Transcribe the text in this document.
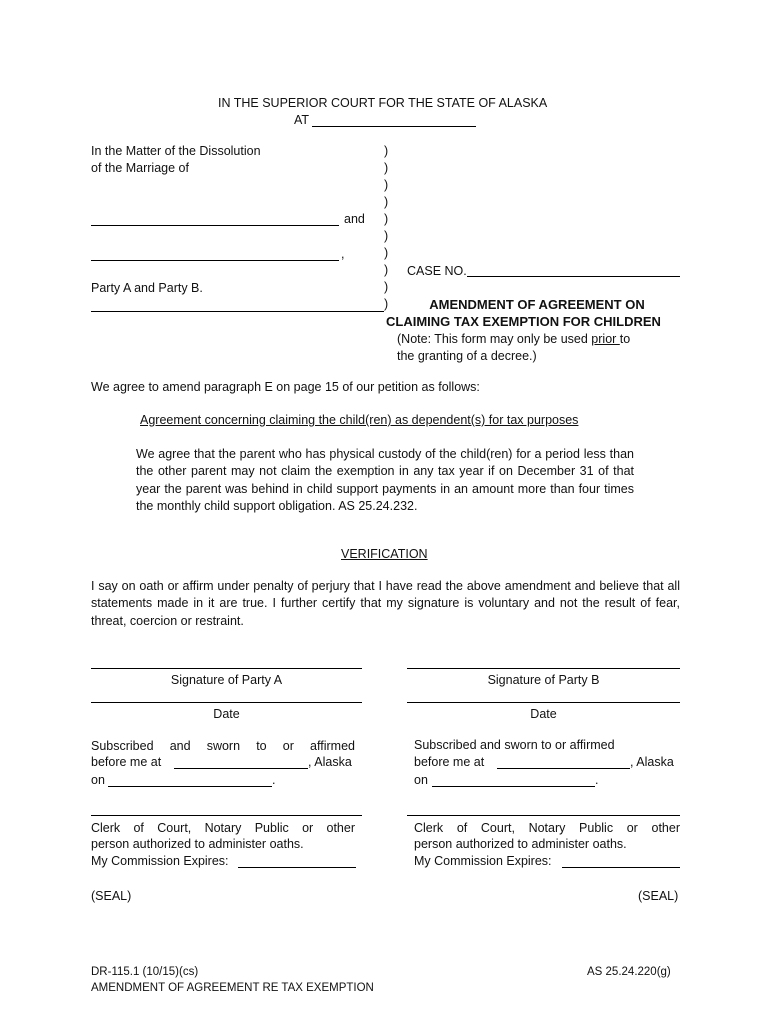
IN THE SUPERIOR COURT FOR THE STATE OF ALASKA
AT
In the Matter of the Dissolution
of the Marriage of
and
,
Party A and Party B.
)
)
)
)
)
)
)
)
)
)
CASE NO.
AMENDMENT OF AGREEMENT ON
CLAIMING TAX EXEMPTION FOR CHILDREN
(Note: This form may only be used prior to
the granting of a decree.)
We agree to amend paragraph E on page 15 of our petition as follows:
Agreement concerning claiming the child(ren) as dependent(s) for tax purposes
We agree that the parent who has physical custody of the child(ren) for a period less than the other parent may not claim the exemption in any tax year if on December 31 of that year the parent was behind in child support payments in an amount more than four times the monthly child support obligation. AS 25.24.232.
VERIFICATION
I say on oath or affirm under penalty of perjury that I have read the above amendment and believe that all statements made in it are true. I further certify that my signature is voluntary and not the result of fear, threat, coercion or restraint.
Signature of Party A
Date
Subscribed and sworn to or affirmed
before me at	, Alaska
on	.
Clerk of Court, Notary Public or other
person authorized to administer oaths.
My Commission Expires:
(SEAL)
Signature of Party B
Date
Subscribed and sworn to or affirmed
before me at	, Alaska
on	.
Clerk of Court, Notary Public or other
person authorized to administer oaths.
My Commission Expires:
(SEAL)
DR-115.1 (10/15)(cs)
AMENDMENT OF AGREEMENT RE TAX EXEMPTION
AS 25.24.220(g)
